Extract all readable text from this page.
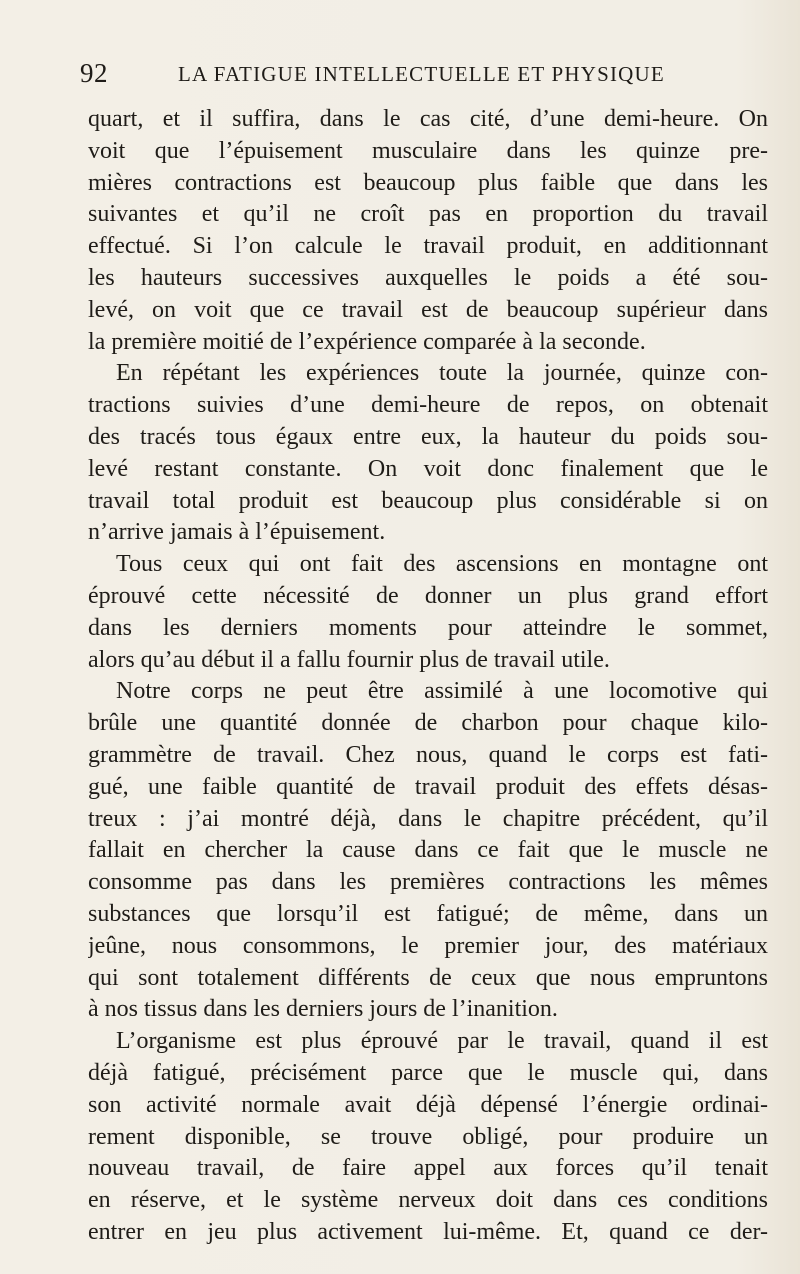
92	LA FATIGUE INTELLECTUELLE ET PHYSIQUE
quart, et il suffira, dans le cas cité, d’une demi-heure. On
voit que l’épuisement musculaire dans les quinze pre-
mières contractions est beaucoup plus faible que dans les
suivantes et qu’il ne croît pas en proportion du travail
effectué. Si l’on calcule le travail produit, en additionnant
les hauteurs successives auxquelles le poids a été sou-
levé, on voit que ce travail est de beaucoup supérieur dans
la première moitié de l’expérience comparée à la seconde.
En répétant les expériences toute la journée, quinze con-
tractions suivies d’une demi-heure de repos, on obtenait
des tracés tous égaux entre eux, la hauteur du poids sou-
levé restant constante. On voit donc finalement que le
travail total produit est beaucoup plus considérable si on
n’arrive jamais à l’épuisement.
Tous ceux qui ont fait des ascensions en montagne ont
éprouvé cette nécessité de donner un plus grand effort
dans les derniers moments pour atteindre le sommet,
alors qu’au début il a fallu fournir plus de travail utile.
Notre corps ne peut être assimilé à une locomotive qui
brûle une quantité donnée de charbon pour chaque kilo-
grammètre de travail. Chez nous, quand le corps est fati-
gué, une faible quantité de travail produit des effets désas-
treux : j’ai montré déjà, dans le chapitre précédent, qu’il
fallait en chercher la cause dans ce fait que le muscle ne
consomme pas dans les premières contractions les mêmes
substances que lorsqu’il est fatigué; de même, dans un
jeûne, nous consommons, le premier jour, des matériaux
qui sont totalement différents de ceux que nous empruntons
à nos tissus dans les derniers jours de l’inanition.
L’organisme est plus éprouvé par le travail, quand il est
déjà fatigué, précisément parce que le muscle qui, dans
son activité normale avait déjà dépensé l’énergie ordinai-
rement disponible, se trouve obligé, pour produire un
nouveau travail, de faire appel aux forces qu’il tenait
en réserve, et le système nerveux doit dans ces conditions
entrer en jeu plus activement lui-même. Et, quand ce der-
